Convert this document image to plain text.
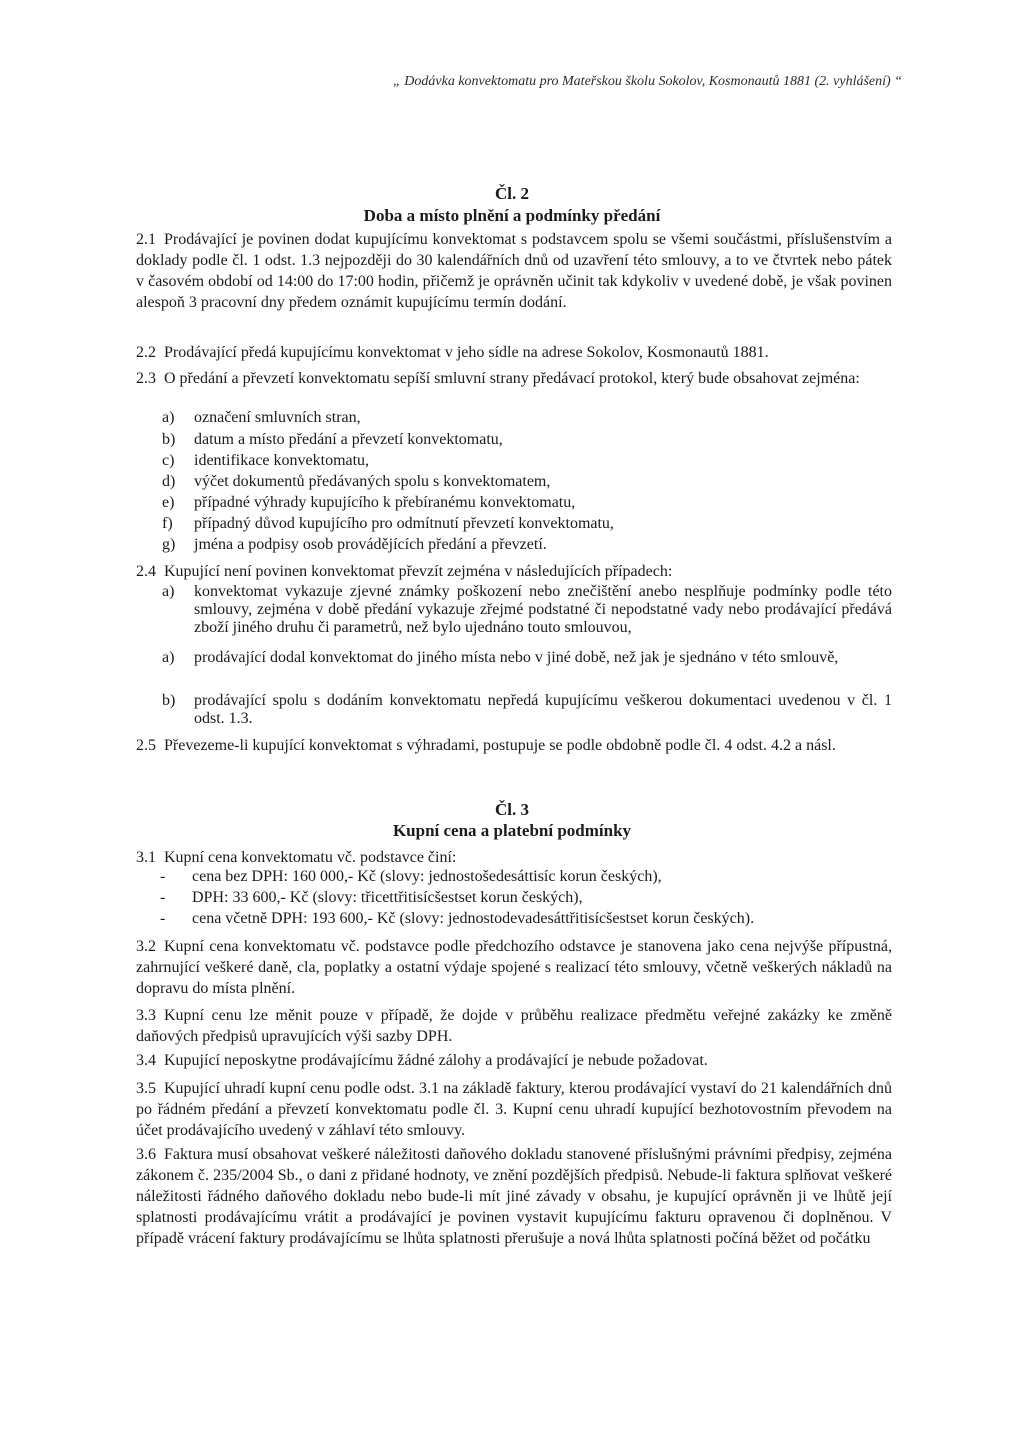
„ Dodávka konvektomatu pro Mateřskou školu Sokolov, Kosmonautů 1881 (2. vyhlášení) “
Čl. 2
Doba a místo plnění a podmínky předání
2.1 Prodávající je povinen dodat kupujícímu konvektomat s podstavcem spolu se všemi součástmi, příslušenstvím a doklady podle čl. 1 odst. 1.3 nejpozději do 30 kalendářních dnů od uzavření této smlouvy, a to ve čtvrtek nebo pátek v časovém období od 14:00 do 17:00 hodin, přičemž je oprávněn učinit tak kdykoliv v uvedené době, je však povinen alespoň 3 pracovní dny předem oznámit kupujícímu termín dodání.
2.2 Prodávající předá kupujícímu konvektomat v jeho sídle na adrese Sokolov, Kosmonautů 1881.
2.3 O předání a převzetí konvektomatu sepíší smluvní strany předávací protokol, který bude obsahovat zejména:
a) označení smluvních stran,
b) datum a místo předání a převzetí konvektomatu,
c) identifikace konvektomatu,
d) výčet dokumentů předávaných spolu s konvektomatem,
e) případné výhrady kupujícího k přebíranému konvektomatu,
f) případný důvod kupujícího pro odmítnutí převzetí konvektomatu,
g) jména a podpisy osob provádějících předání a převzetí.
2.4 Kupující není povinen konvektomat převzít zejména v následujících případech:
a) konvektomat vykazuje zjevné známky poškození nebo znečištění anebo nesplňuje podmínky podle této smlouvy, zejména v době předání vykazuje zřejmé podstatné či nepodstatné vady nebo prodávající předává zboží jiného druhu či parametrů, než bylo ujednáno touto smlouvou,
a) prodávající dodal konvektomat do jiného místa nebo v jiné době, než jak je sjednáno v této smlouvě,
b) prodávající spolu s dodáním konvektomatu nepředá kupujícímu veškerou dokumentaci uvedenou v čl. 1 odst. 1.3.
2.5 Převezeme-li kupující konvektomat s výhradami, postupuje se podle obdobně podle čl. 4 odst. 4.2 a násl.
Čl. 3
Kupní cena a platební podmínky
3.1 Kupní cena konvektomatu vč. podstavce činí:
- cena bez DPH: 160 000,- Kč (slovy: jednostošedesáttisíc korun českých),
- DPH: 33 600,- Kč (slovy: třicettřitisícšestset korun českých),
- cena včetně DPH: 193 600,- Kč (slovy: jednostodevadesáttřitisícšestset korun českých).
3.2 Kupní cena konvektomatu vč. podstavce podle předchozího odstavce je stanovena jako cena nejvýše přípustná, zahrnující veškeré daně, cla, poplatky a ostatní výdaje spojené s realizací této smlouvy, včetně veškerých nákladů na dopravu do místa plnění.
3.3 Kupní cenu lze měnit pouze v případě, že dojde v průběhu realizace předmětu veřejné zakázky ke změně daňových předpisů upravujících výši sazby DPH.
3.4 Kupující neposkytne prodávajícímu žádné zálohy a prodávající je nebude požadovat.
3.5 Kupující uhradí kupní cenu podle odst. 3.1 na základě faktury, kterou prodávající vystaví do 21 kalendářních dnů po řádném předání a převzetí konvektomatu podle čl. 3. Kupní cenu uhradí kupující bezhotovostním převodem na účet prodávajícího uvedený v záhlaví této smlouvy.
3.6 Faktura musí obsahovat veškeré náležitosti daňového dokladu stanovené příslušnými právními předpisy, zejména zákonem č. 235/2004 Sb., o dani z přidané hodnoty, ve znění pozdějších předpisů. Nebude-li faktura splňovat veškeré náležitosti řádného daňového dokladu nebo bude-li mít jiné závady v obsahu, je kupující oprávněn ji ve lhůtě její splatnosti prodávajícímu vrátit a prodávající je povinen vystavit kupujícímu fakturu opravenou či doplněnou. V případě vrácení faktury prodávajícímu se lhůta splatnosti přerušuje a nová lhůta splatnosti počíná běžet od počátku
